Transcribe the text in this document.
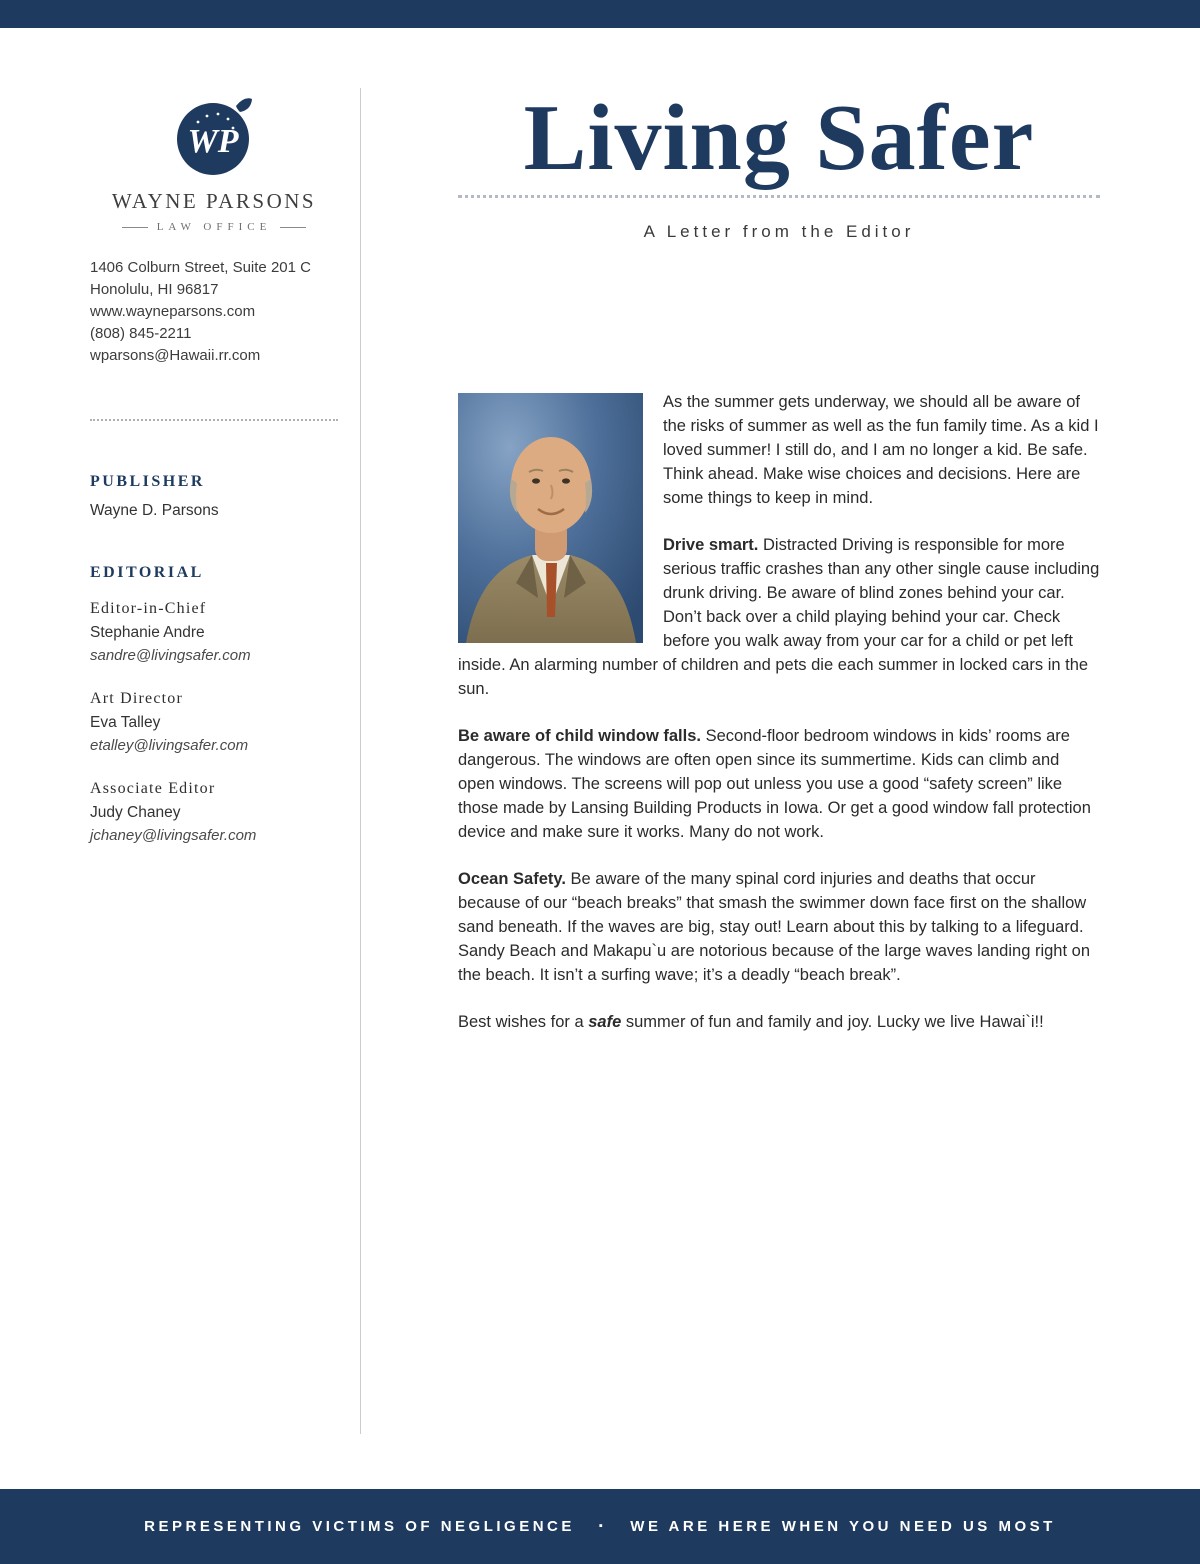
WP
WAYNE PARSONS
LAW OFFICE
1406 Colburn Street, Suite 201 C
Honolulu, HI 96817
www.wayneparsons.com
(808) 845-2211
wparsons@Hawaii.rr.com
PUBLISHER
Wayne D. Parsons
EDITORIAL
Editor-in-Chief
Stephanie Andre
sandre@livingsafer.com
Art Director
Eva Talley
etalley@livingsafer.com
Associate Editor
Judy Chaney
jchaney@livingsafer.com
Living Safer
A Letter from the Editor

As the summer gets underway, we should all be aware of the risks of summer as well as the fun family time. As a kid I loved summer! I still do, and I am no longer a kid. Be safe. Think ahead. Make wise choices and decisions. Here are some things to keep in mind.

Drive smart. Distracted Driving is responsible for more serious traffic crashes than any other single cause including drunk driving. Be aware of blind zones behind your car. Don’t back over a child playing behind your car. Check before you walk away from your car for a child or pet left inside. An alarming number of children and pets die each summer in locked cars in the sun.

Be aware of child window falls. Second-floor bedroom windows in kids’ rooms are dangerous. The windows are often open since its summertime. Kids can climb and open windows. The screens will pop out unless you use a good “safety screen” like those made by Lansing Building Products in Iowa. Or get a good window fall protection device and make sure it works. Many do not work.

Ocean Safety. Be aware of the many spinal cord injuries and deaths that occur because of our “beach breaks” that smash the swimmer down face first on the shallow sand beneath. If the waves are big, stay out! Learn about this by talking to a lifeguard. Sandy Beach and Makapu`u are notorious because of the large waves landing right on the beach. It isn’t a surfing wave; it’s a deadly “beach break”.

Best wishes for a safe summer of fun and family and joy. Lucky we live Hawai`i!!

REPRESENTING VICTIMS OF NEGLIGENCE ▪ WE ARE HERE WHEN YOU NEED US MOST
